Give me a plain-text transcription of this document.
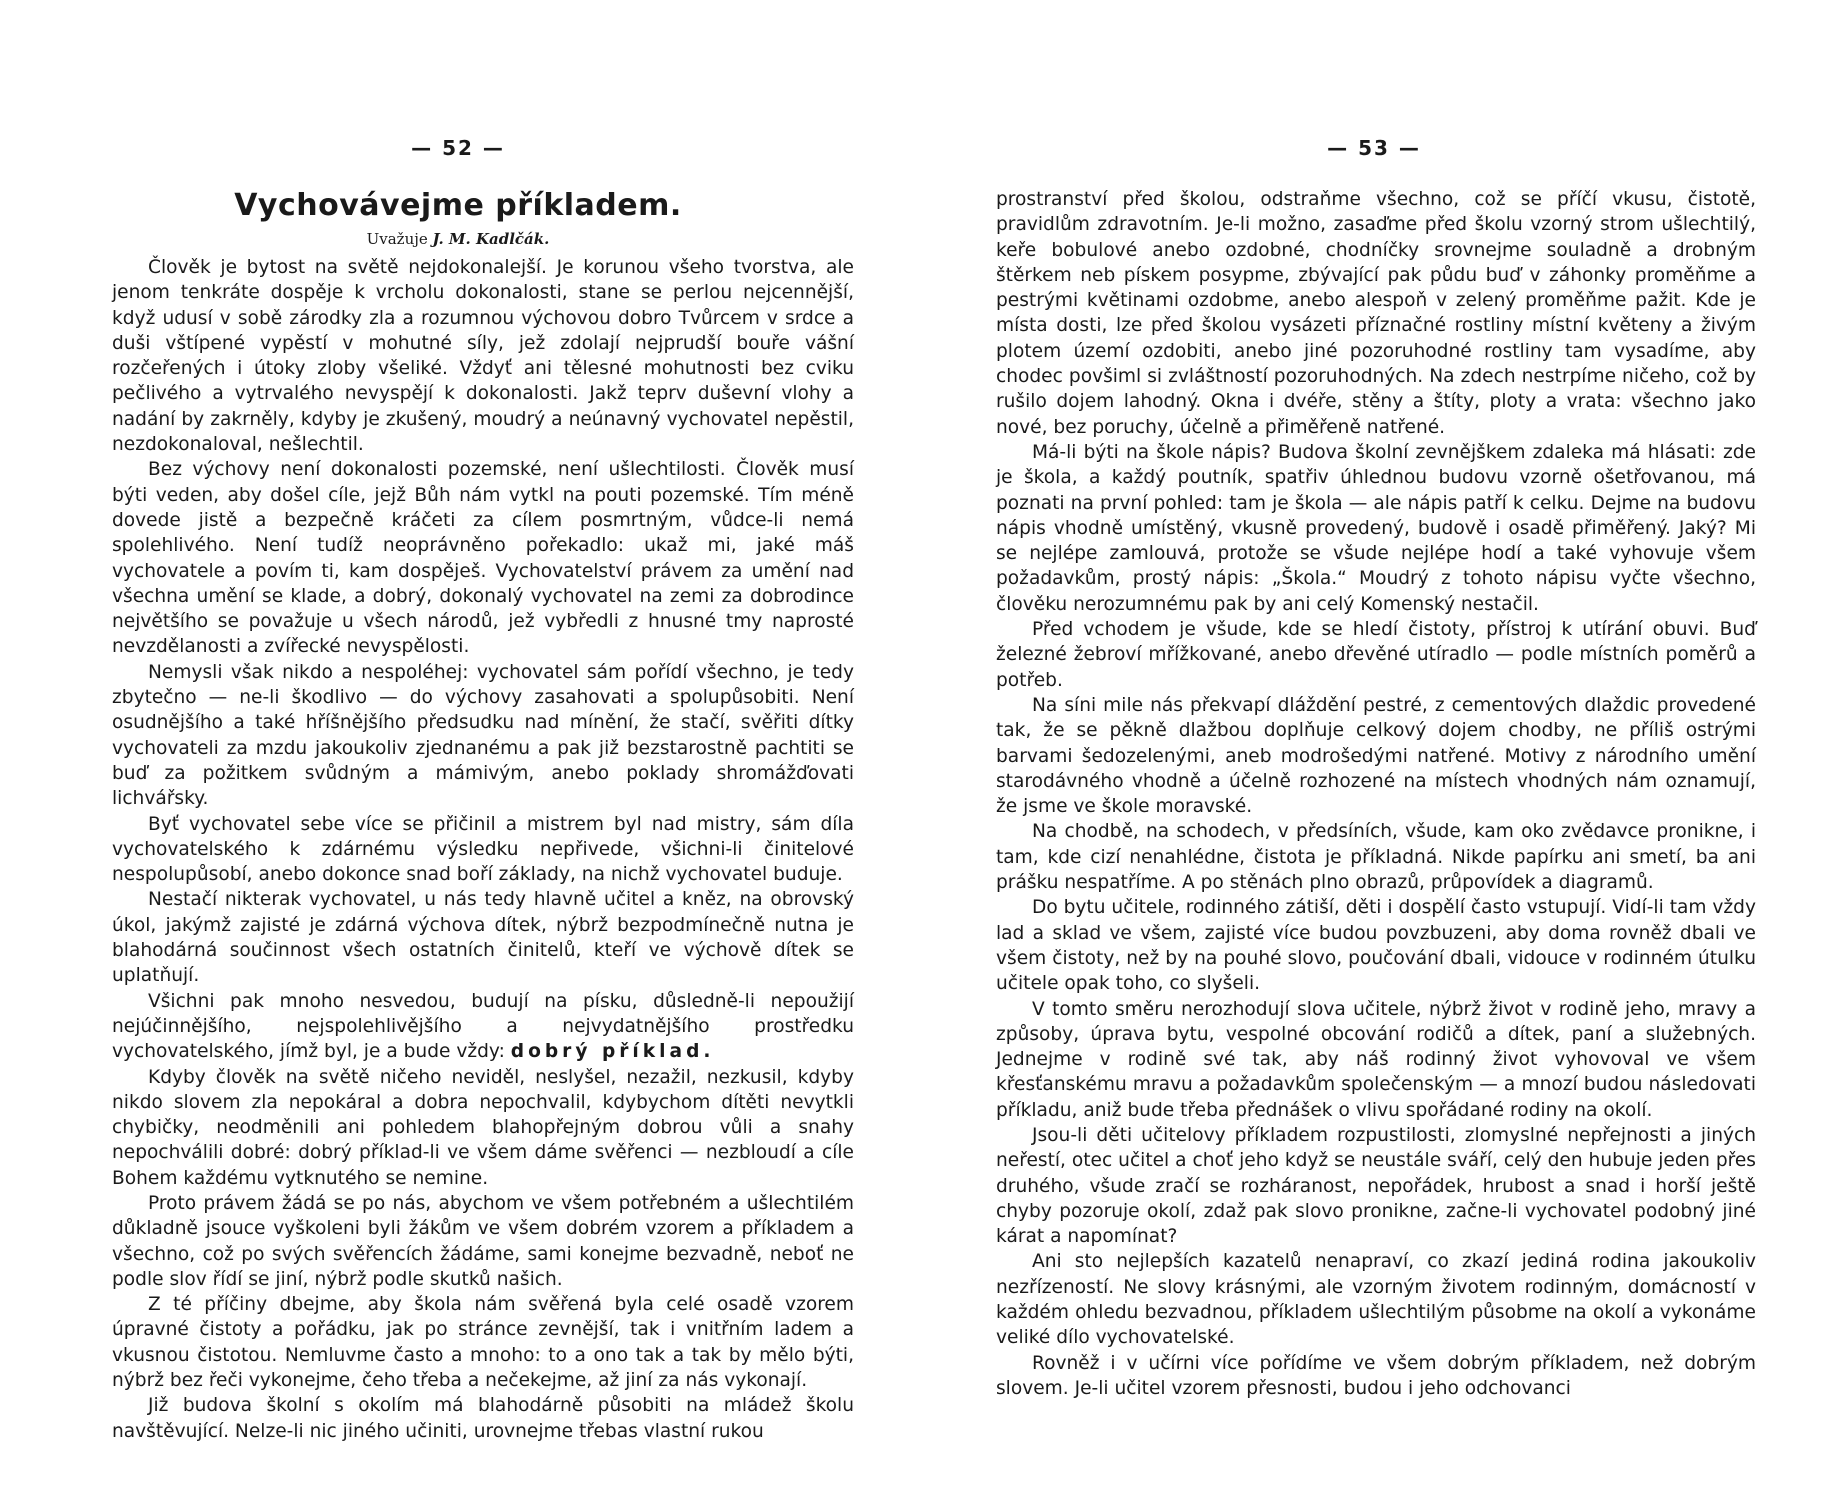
— 52 —
Vychovávejme příkladem.
Uvažuje J. M. Kadlčák.

Člověk je bytost na světě nejdokonalejší. Je korunou všeho tvorstva, ale jenom tenkráte dospěje k vrcholu dokonalosti, stane se perlou nejcennější, když udusí v sobě zárodky zla a rozumnou výchovou dobro Tvůrcem v srdce a duši vštípené vypěstí v mohutné síly, jež zdolají nejprudší bouře vášní rozčeřených i útoky zloby všeliké. Vždyť ani tělesné mohutnosti bez cviku pečlivého a vytrvalého nevyspějí k dokonalosti. Jakž teprv duševní vlohy a nadání by zakrněly, kdyby je zkušený, moudrý a neúnavný vychovatel nepěstil, nezdokonaloval, nešlechtil.

Bez výchovy není dokonalosti pozemské, není ušlechtilosti. Člověk musí býti veden, aby došel cíle, jejž Bůh nám vytkl na pouti pozemské. Tím méně dovede jistě a bezpečně kráčeti za cílem posmrtným, vůdce-li nemá spolehlivého. Není tudíž neoprávněno pořekadlo: ukaž mi, jaké máš vychovatele a povím ti, kam dospěješ. Vychovatelství právem za umění nad všechna umění se klade, a dobrý, dokonalý vychovatel na zemi za dobrodince největšího se považuje u všech národů, jež vybředli z hnusné tmy naprosté nevzdělanosti a zvířecké nevyspělosti.

Nemysli však nikdo a nespoléhej: vychovatel sám pořídí všechno, je tedy zbytečno — ne-li škodlivo — do výchovy zasahovati a spolupůsobiti. Není osudnějšího a také hříšnějšího předsudku nad mínění, že stačí, svěřiti dítky vychovateli za mzdu jakoukoliv zjednanému a pak již bezstarostně pachtiti se buď za požitkem svůdným a mámivým, anebo poklady shromážďovati lichvářsky.

Byť vychovatel sebe více se přičinil a mistrem byl nad mistry, sám díla vychovatelského k zdárnému výsledku nepřivede, všichni-li činitelové nespolupůsobí, anebo dokonce snad boří základy, na nichž vychovatel buduje.

Nestačí nikterak vychovatel, u nás tedy hlavně učitel a kněz, na obrovský úkol, jakýmž zajisté je zdárná výchova dítek, nýbrž bezpodmínečně nutna je blahodárná součinnost všech ostatních činitelů, kteří ve výchově dítek se uplatňují.

Všichni pak mnoho nesvedou, budují na písku, důsledně-li nepoužijí nejúčinnějšího, nejspolehlivějšího a nejvydatnějšího prostředku vychovatelského, jímž byl, je a bude vždy: dobrý příklad.

Kdyby člověk na světě ničeho neviděl, neslyšel, nezažil, nezkusil, kdyby nikdo slovem zla nepokáral a dobra nepochvalil, kdybychom dítěti nevytkli chybičky, neodměnili ani pohledem blahopřejným dobrou vůli a snahy nepochválili dobré: dobrý příklad-li ve všem dáme svěřenci — nezbloudí a cíle Bohem každému vytknutého se nemine.

Proto právem žádá se po nás, abychom ve všem potřebném a ušlechtilém důkladně jsouce vyškoleni byli žákům ve všem dobrém vzorem a příkladem a všechno, což po svých svěřencích žádáme, sami konejme bezvadně, neboť ne podle slov řídí se jiní, nýbrž podle skutků našich.

Z té příčiny dbejme, aby škola nám svěřená byla celé osadě vzorem úpravné čistoty a pořádku, jak po stránce zevnější, tak i vnitřním ladem a vkusnou čistotou. Nemluvme často a mnoho: to a ono tak a tak by mělo býti, nýbrž bez řeči vykonejme, čeho třeba a nečekejme, až jiní za nás vykonají.

Již budova školní s okolím má blahodárně působiti na mládež školu navštěvující. Nelze-li nic jiného učiniti, urovnejme třebas vlastní rukou

— 53 —

prostranství před školou, odstraňme všechno, což se příčí vkusu, čistotě, pravidlům zdravotním. Je-li možno, zasaďme před školu vzorný strom ušlechtilý, keře bobulové anebo ozdobné, chodníčky srovnejme souladně a drobným štěrkem neb pískem posypme, zbývající pak půdu buď v záhonky proměňme a pestrými květinami ozdobme, anebo alespoň v zelený proměňme pažit. Kde je místa dosti, lze před školou vysázeti příznačné rostliny místní květeny a živým plotem území ozdobiti, anebo jiné pozoruhodné rostliny tam vysadíme, aby chodec povšiml si zvláštností pozoruhodných. Na zdech nestrpíme ničeho, což by rušilo dojem lahodný. Okna i dvéře, stěny a štíty, ploty a vrata: všechno jako nové, bez poruchy, účelně a přiměřeně natřené.

Má-li býti na škole nápis? Budova školní zevnějškem zdaleka má hlásati: zde je škola, a každý poutník, spatřiv úhlednou budovu vzorně ošetřovanou, má poznati na první pohled: tam je škola — ale nápis patří k celku. Dejme na budovu nápis vhodně umístěný, vkusně provedený, budově i osadě přiměřený. Jaký? Mi se nejlépe zamlouvá, protože se všude nejlépe hodí a také vyhovuje všem požadavkům, prostý nápis: „Škola.“ Moudrý z tohoto nápisu vyčte všechno, člověku nerozumnému pak by ani celý Komenský nestačil.

Před vchodem je všude, kde se hledí čistoty, přístroj k utírání obuvi. Buď železné žebroví mřížkované, anebo dřevěné utíradlo — podle místních poměrů a potřeb.

Na síni mile nás překvapí dláždění pestré, z cementových dlaždic provedené tak, že se pěkně dlažbou doplňuje celkový dojem chodby, ne příliš ostrými barvami šedozelenými, aneb modrošedými natřené. Motivy z národního umění starodávného vhodně a účelně rozhozené na místech vhodných nám oznamují, že jsme ve škole moravské.

Na chodbě, na schodech, v předsíních, všude, kam oko zvědavce proniknе, i tam, kde cizí nenahlédne, čistota je příkladná. Nikde papírku ani smetí, ba ani prášku nespatříme. A po stěnách plno obrazů, průpovídek a diagramů.

Do bytu učitele, rodinného zátiší, děti i dospělí často vstupují. Vidí-li tam vždy lad a sklad ve všem, zajisté více budou povzbuzeni, aby doma rovněž dbali ve všem čistoty, než by na pouhé slovo, poučování dbali, vidouce v rodinném útulku učitele opak toho, co slyšeli.

V tomto směru nerozhodují slova učitele, nýbrž život v rodině jeho, mravy a způsoby, úprava bytu, vespolné obcování rodičů a dítek, paní a služebných. Jednejme v rodině své tak, aby náš rodinný život vyhovoval ve všem křesťanskému mravu a požadavkům společenským — a mnozí budou následovati příkladu, aniž bude třeba přednášek o vlivu spořádané rodiny na okolí.

Jsou-li děti učitelovy příkladem rozpustilosti, zlomyslné nepřejnosti a jiných neřestí, otec učitel a choť jeho když se neustále sváří, celý den hubuje jeden přes druhého, všude zračí se rozháranost, nepořádek, hrubost a snad i horší ještě chyby pozoruje okolí, zdaž pak slovo pronikne, začne-li vychovatel podobný jiné kárat a napomínat?

Ani sto nejlepších kazatelů nenapraví, co zkazí jediná rodina jakoukoliv nezřízeností. Ne slovy krásnými, ale vzorným životem rodinným, domácností v každém ohledu bezvadnou, příkladem ušlechtilým působme na okolí a vykonáme veliké dílo vychovatelské.

Rovněž i v učírni více pořídíme ve všem dobrým příkladem, než dobrým slovem. Je-li učitel vzorem přesnosti, budou i jeho odchovanci
